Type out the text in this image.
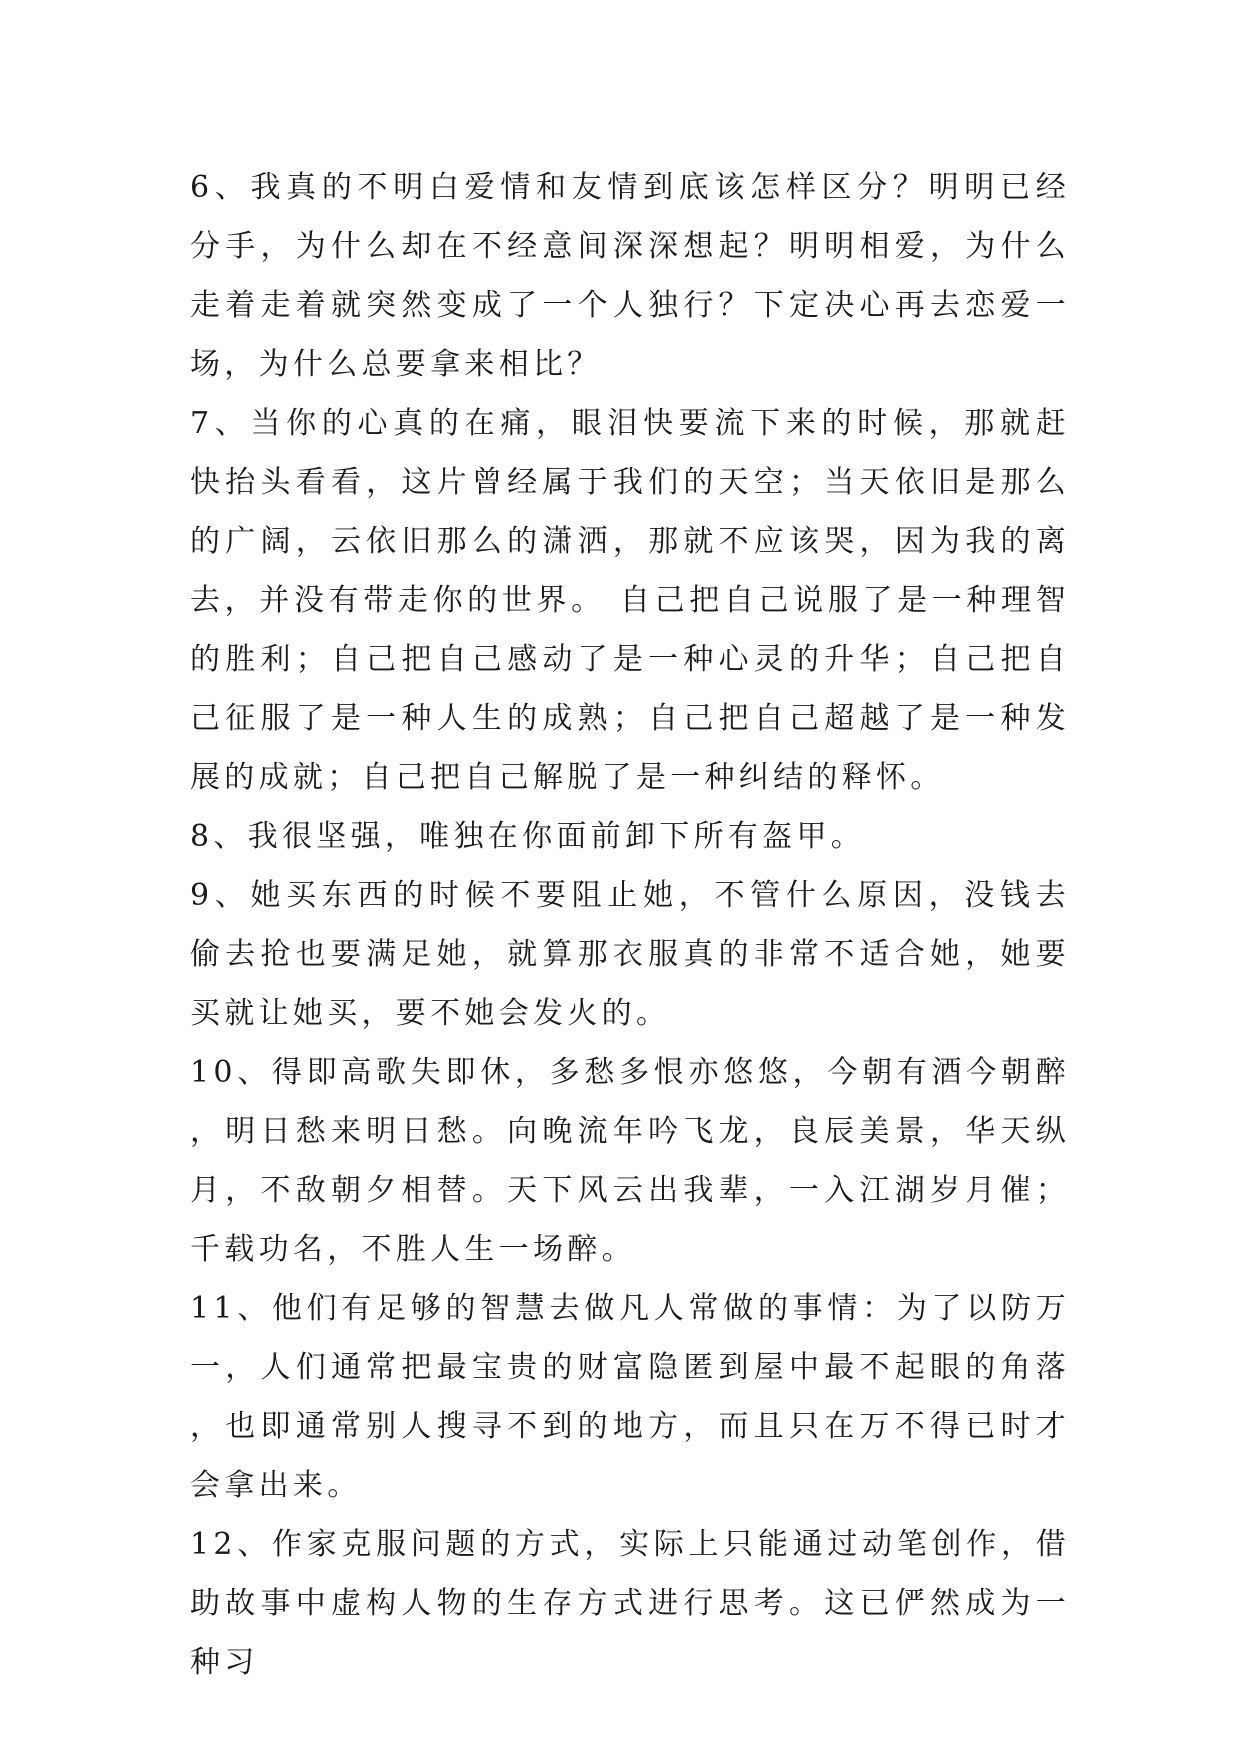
6、我真的不明白爱情和友情到底该怎样区分？明明已经分手，为什么却在不经意间深深想起？明明相爱，为什么走着走着就突然变成了一个人独行？下定决心再去恋爱一场，为什么总要拿来相比？

7、当你的心真的在痛，眼泪快要流下来的时候，那就赶快抬头看看，这片曾经属于我们的天空；当天依旧是那么的广阔，云依旧那么的潇洒，那就不应该哭，因为我的离去，并没有带走你的世界。 自己把自己说服了是一种理智的胜利；自己把自己感动了是一种心灵的升华；自己把自己征服了是一种人生的成熟；自己把自己超越了是一种发展的成就；自己把自己解脱了是一种纠结的释怀。

8、我很坚强，唯独在你面前卸下所有盔甲。

9、她买东西的时候不要阻止她，不管什么原因，没钱去偷去抢也要满足她，就算那衣服真的非常不适合她，她要买就让她买，要不她会发火的。

10、得即高歌失即休，多愁多恨亦悠悠，今朝有酒今朝醉，明日愁来明日愁。向晚流年吟飞龙，良辰美景，华天纵月，不敌朝夕相替。天下风云出我辈，一入江湖岁月催；千载功名，不胜人生一场醉。

11、他们有足够的智慧去做凡人常做的事情：为了以防万一，人们通常把最宝贵的财富隐匿到屋中最不起眼的角落，也即通常别人搜寻不到的地方，而且只在万不得已时才会拿出来。

12、作家克服问题的方式，实际上只能通过动笔创作，借助故事中虚构人物的生存方式进行思考。这已俨然成为一种习
